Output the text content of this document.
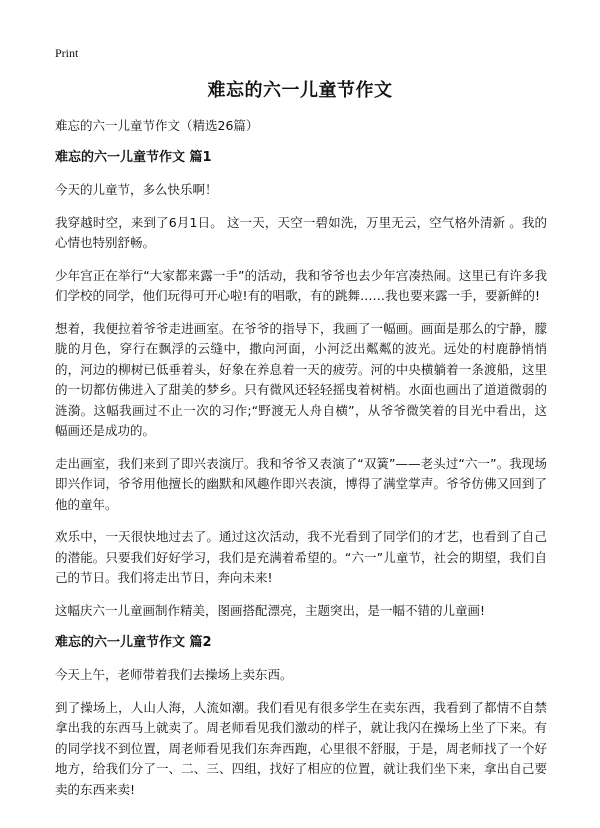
Print
难忘的六一儿童节作文
难忘的六一儿童节作文（精选26篇）
难忘的六一儿童节作文 篇1
今天的儿童节，多么快乐啊！
我穿越时空，来到了6月1日。 这一天，天空一碧如洗，万里无云，空气格外清新 。我的心情也特别舒畅。
少年宫正在举行“大家都来露一手”的活动，我和爷爷也去少年宫凑热闹。这里已有许多我们学校的同学，他们玩得可开心啦!有的唱歌，有的跳舞……我也要来露一手，要新鲜的!
想着，我便拉着爷爷走进画室。在爷爷的指导下，我画了一幅画。画面是那么的宁静，朦胧的月色，穿行在飘浮的云缝中，撒向河面，小河泛出粼粼的波光。远处的村鹿静悄悄的，河边的柳树已低垂着头，好象在养息着一天的疲劳。河的中央横躺着一条渡船，这里的一切都仿佛进入了甜美的梦乡。只有微风还轻轻摇曳着树梢。水面也画出了道道微弱的涟漪。这幅我画过不止一次的习作;“野渡无人舟自横”，从爷爷微笑着的目光中看出，这幅画还是成功的。
走出画室，我们来到了即兴表演厅。我和爷爷又表演了“双簧”——老头过“六一”。我现场即兴作词，爷爷用他擅长的幽默和风趣作即兴表演，博得了满堂掌声。爷爷仿佛又回到了他的童年。
欢乐中，一天很快地过去了。通过这次活动，我不光看到了同学们的才艺，也看到了自己的潜能。只要我们好好学习，我们是充满着希望的。“六一”儿童节，社会的期望，我们自己的节日。我们将走出节日，奔向未来!
这幅庆六一儿童画制作精美，图画搭配漂亮，主题突出，是一幅不错的儿童画!
难忘的六一儿童节作文 篇2
今天上午，老师带着我们去操场上卖东西。
到了操场上，人山人海，人流如潮。我们看见有很多学生在卖东西，我看到了都情不自禁拿出我的东西马上就卖了。周老师看见我们激动的样子，就让我闪在操场上坐了下来。有的同学找不到位置，周老师看见我们东奔西跑，心里很不舒服，于是，周老师找了一个好地方，给我们分了一、二、三、四组，找好了相应的位置，就让我们坐下来，拿出自己要卖的东西来卖!
